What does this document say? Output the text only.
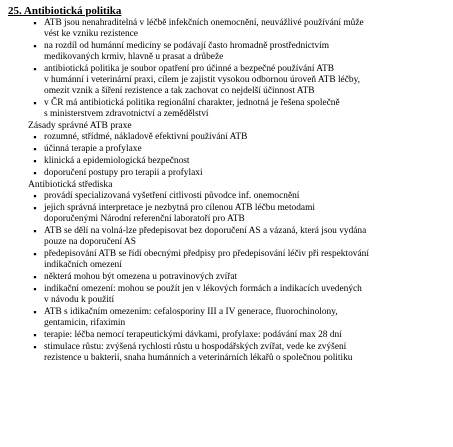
25. Antibiotická politika
▪ ATB jsou nenahraditelná v léčbě infekčních onemocnění, neuvážlivé používání může
vést ke vzniku rezistence
▪ na rozdíl od humánní medicíny se podávají často hromadně prostřednictvím
medikovaných krmiv, hlavně u prasat a drůbeže
▪ antibiotická politika je soubor opatření pro účinné a bezpečné používání ATB
v humánní i veterinární praxi, cílem je zajistit vysokou odbornou úroveň ATB léčby,
omezit vznik a šíření rezistence a tak zachovat co nejdelší účinnost ATB
▪ v ČR má antibiotická politika regionální charakter, jednotná je řešena společně
s ministerstvem zdravotnictví a zemědělství
Zásady správné ATB praxe
▪ rozumné, střídmé, nákladově efektivní používání ATB
▪ účinná terapie a profylaxe
▪ klinická a epidemiologická bezpečnost
▪ doporučení postupy pro terapii a profylaxi
Antibiotická střediska
▪ provádí specializovaná vyšetření citlivosti původce inf. onemocnění
▪ jejich správná interpretace je nezbytná pro cílenou ATB léčbu metodami
doporučenými Národní referenční laboratoří pro ATB
▪ ATB se dělí na volná-lze předepisovat bez doporučení AS a vázaná, která jsou vydána
pouze na doporučení AS
▪ předepisování ATB se řídí obecnými předpisy pro předepisování léčiv při respektování
indikačních omezení
▪ některá mohou být omezena u potravinových zvířat
▪ indikační omezení: mohou se použít jen v lékových formách a indikacích uvedených
v návodu k použití
▪ ATB s idikačním omezením: cefalosporiny III a IV generace, fluorochinolony,
gentamicin, rifaximin
▪ terapie: léčba nemocí terapeutickými dávkami, profylaxe: podávání max 28 dní
▪ stimulace růstu: zvýšená rychlosti růstu u hospodářských zvířat, vede ke zvýšení
rezistence u bakterií, snaha humánních a veterinárních lékařů o společnou politiku
